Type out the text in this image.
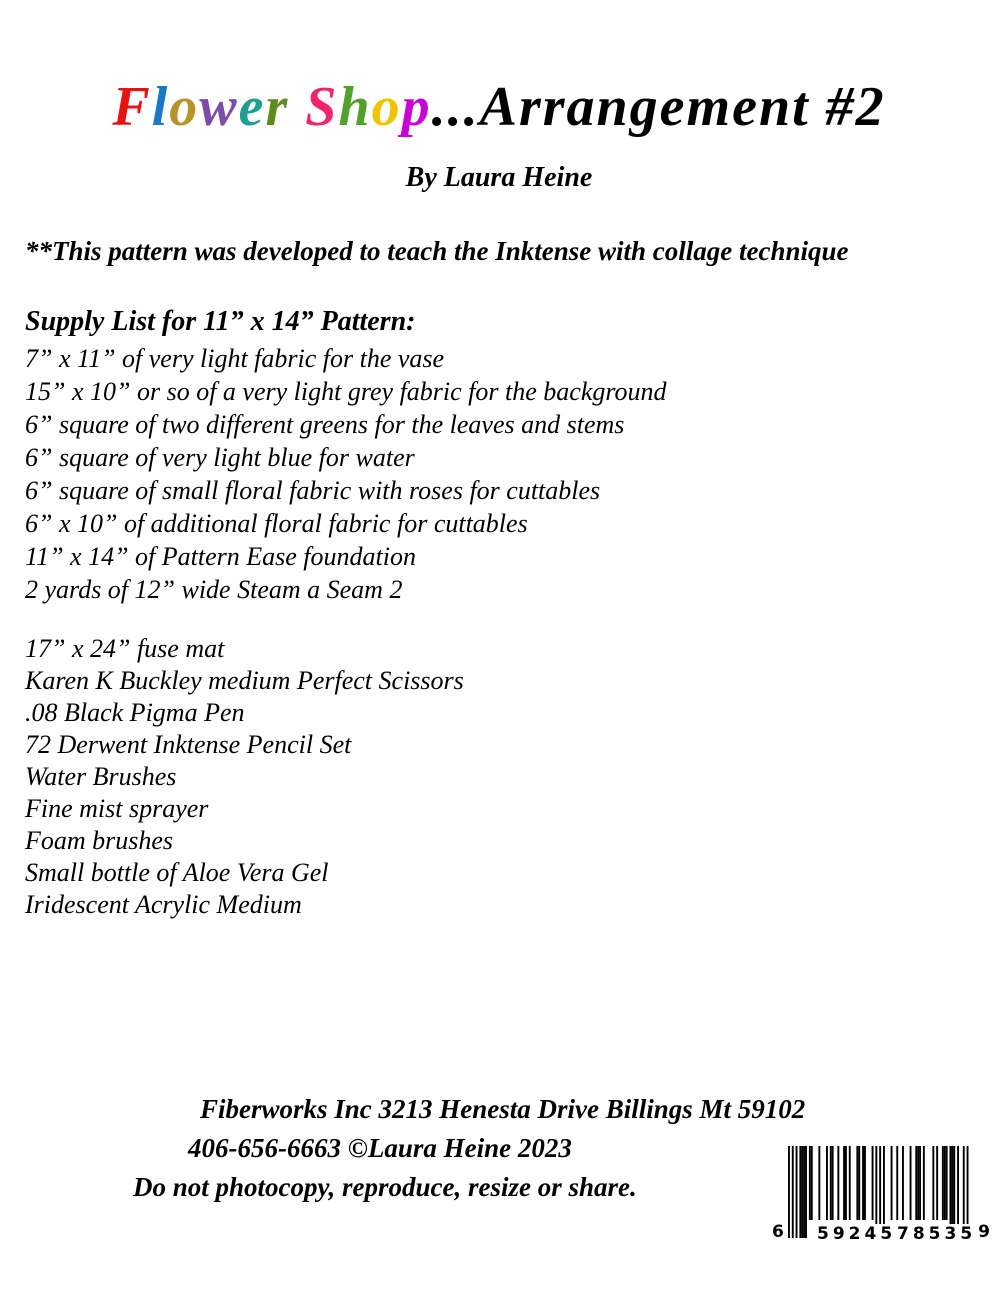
Flower Shop...Arrangement #2
By Laura Heine
**This pattern was developed to teach the Inktense with collage technique
Supply List for 11” x 14” Pattern:
7” x 11” of very light fabric for the vase
15” x 10” or so of a very light grey fabric for the background
6” square of two different greens for the leaves and stems
6” square of very light blue for water
6” square of small floral fabric with roses for cuttables
6” x 10” of additional floral fabric for cuttables
11” x 14” of Pattern Ease foundation
2 yards of 12” wide Steam a Seam 2
17” x 24” fuse mat
Karen K Buckley medium Perfect Scissors
.08 Black Pigma Pen
72 Derwent Inktense Pencil Set
Water Brushes
Fine mist sprayer
Foam brushes
Small bottle of Aloe Vera Gel
Iridescent Acrylic Medium
Fiberworks Inc 3213 Henesta Drive Billings Mt 59102
406-656-6663 ©Laura Heine 2023
Do not photocopy, reproduce, resize or share.
6 59245 78535 9
